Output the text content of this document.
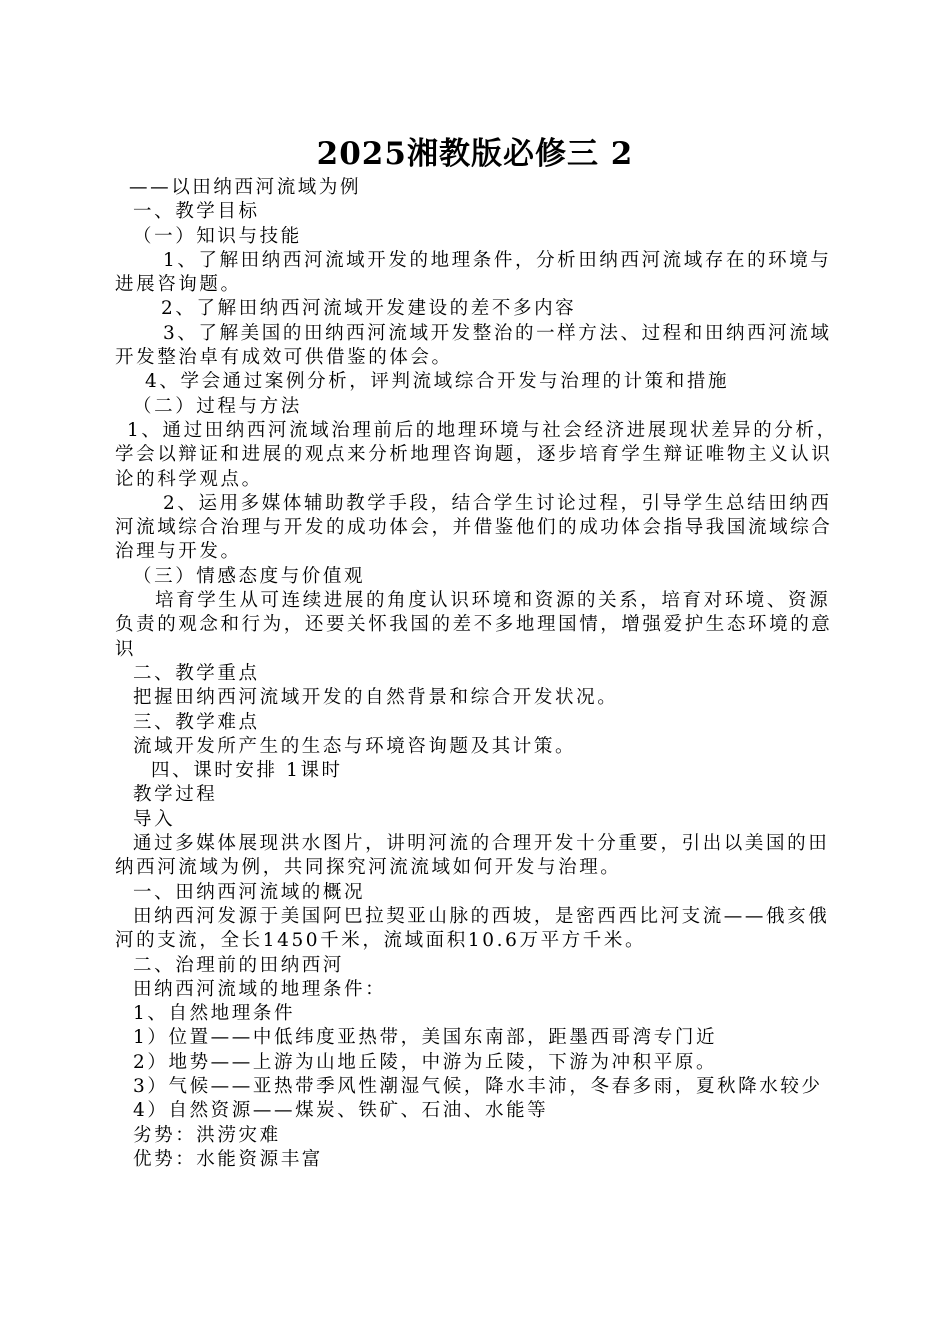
2025湘教版必修三 2

——以田纳西河流域为例

一、教学目标

（一）知识与技能

1、了解田纳西河流域开发的地理条件，分析田纳西河流域存在的环境与进展咨询题。

2、了解田纳西河流域开发建设的差不多内容

3、了解美国的田纳西河流域开发整治的一样方法、过程和田纳西河流域开发整治卓有成效可供借鉴的体会。

4、学会通过案例分析，评判流域综合开发与治理的计策和措施

（二）过程与方法

1、通过田纳西河流域治理前后的地理环境与社会经济进展现状差异的分析，学会以辩证和进展的观点来分析地理咨询题，逐步培育学生辩证唯物主义认识论的科学观点。

2、运用多媒体辅助教学手段，结合学生讨论过程，引导学生总结田纳西河流域综合治理与开发的成功体会，并借鉴他们的成功体会指导我国流域综合治理与开发。

（三）情感态度与价值观

培育学生从可连续进展的角度认识环境和资源的关系，培育对环境、资源负责的观念和行为，还要关怀我国的差不多地理国情，增强爱护生态环境的意识

二、教学重点

把握田纳西河流域开发的自然背景和综合开发状况。

三、教学难点

流域开发所产生的生态与环境咨询题及其计策。

四、课时安排 1课时

教学过程

导入

通过多媒体展现洪水图片，讲明河流的合理开发十分重要，引出以美国的田纳西河流域为例，共同探究河流流域如何开发与治理。

一、田纳西河流域的概况

田纳西河发源于美国阿巴拉契亚山脉的西坡，是密西西比河支流——俄亥俄河的支流，全长1450千米，流域面积10.6万平方千米。

二、治理前的田纳西河

田纳西河流域的地理条件：

1、自然地理条件

1）位置——中低纬度亚热带，美国东南部，距墨西哥湾专门近

2）地势——上游为山地丘陵，中游为丘陵，下游为冲积平原。

3）气候——亚热带季风性潮湿气候，降水丰沛，冬春多雨，夏秋降水较少

4）自然资源——煤炭、铁矿、石油、水能等

劣势：洪涝灾难

优势：水能资源丰富
